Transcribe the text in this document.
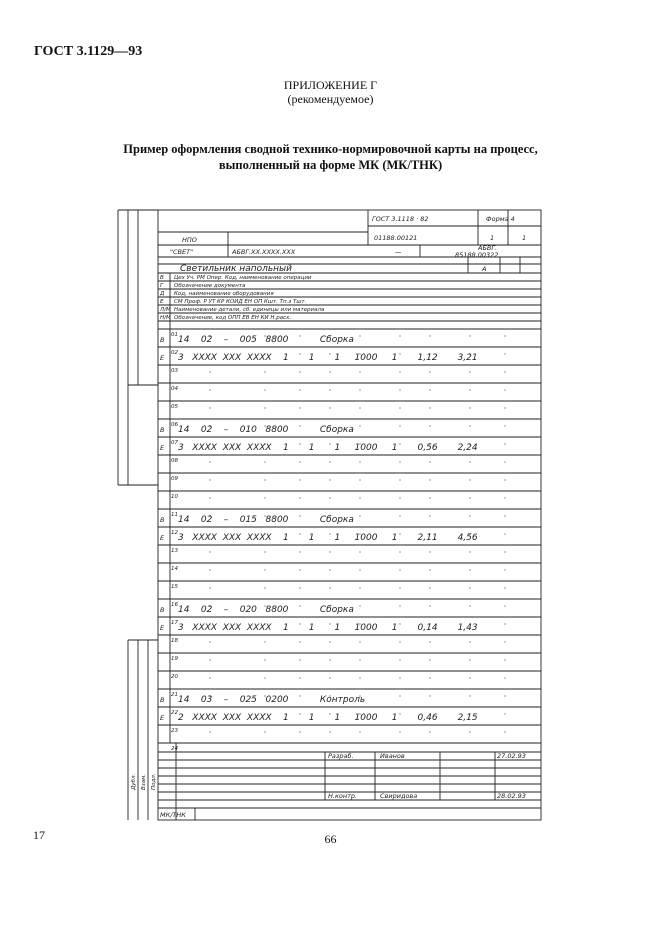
ГОСТ 3.1129—93
ПРИЛОЖЕНИЕ Г
(рекомендуемое)
Пример оформления сводной технико-нормировочной карты на процесс,
выполненный на форме МК (МК/ТНК)
ГОСТ 3.1118 · 82	Форма 4
01188.00121	1	1
НПО
"СВЕТ"	АБВГ.XX.XXXX.XXX	—	АБВГ.
85188.00322
Светильник напольный	А
В Цех Уч. РМ Опер. Код, наименование операции
Г Обозначение документа
Д Код, наименование оборудования
Е СМ Проф. Р УТ КР КОИД ЕН ОП Кшт. Тп.з Тшт.
Л/М Наименование детали, сб. единицы или материала
Н/М Обозначение, код ОПП ЕВ ЕН КИ Н.расх.
01
В 14    02    –    005   8800           Сборка
02
Е 3   ХХХХ  ХХХ  ХХХХ    1       1       1     1000     1       1,12       3,21
03
04
05
06
В 14    02    –    010   8800           Сборка
07
Е 3   ХХХХ  ХХХ  ХХХХ    1       1       1     1000     1       0,56       2,24
08
09
10
11
В 14    02    –    015   8800           Сборка
12
Е 3   ХХХХ  ХХХ  ХХХХ    1       1       1     1000     1       2,11       4,56
13
14
15
16
В 14    02    –    020   8800           Сборка
17
Е 3   ХХХХ  ХХХ  ХХХХ    1       1       1     1000     1       0,14       1,43
18
19
20
21
В 14    03    –    025   0200           Контроль
22
Е 2   ХХХХ  ХХХ  ХХХХ    1       1       1     1000     1       0,46       2,15
23
24
Разраб.	Иванов	27.02.93
Н.контр.	Свиридова	28.02.93
Дубл. Взам. Подл.
МК/ТНК
17	66
